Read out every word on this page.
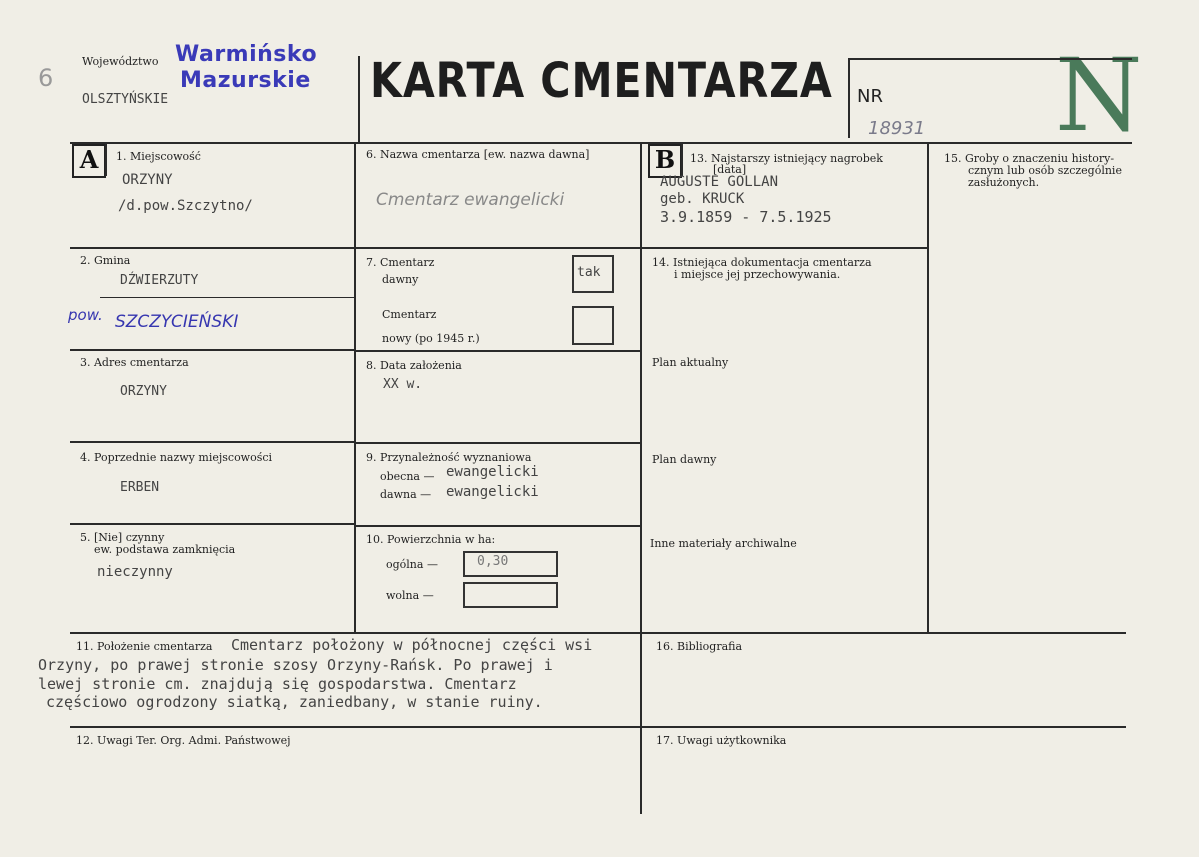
6
Województwo Warmińsko
Mazurskie
OLSZTYŃSKIE	KARTA CMENTARZA NR
18931 N
A	1. Miejscowość
ORZYNY
/d.pow.Szczytno/
2. Gmina
DŹWIERZUTY
pow. SZCZYCIEŃSKI
3. Adres cmentarza
ORZYNY
4. Poprzednie nazwy miejscowości
ERBEN
5. [Nie] czynny
ew. podstawa zamknięcia
nieczynny
6. Nazwa cmentarza [ew. nazwa dawna]
Cmentarz ewangelicki
7. Cmentarz
dawny	tak
Cmentarz
nowy (po 1945 r.)
8. Data założenia
XX w.
9. Przynależność wyznaniowa
obecna — ewangelicki
dawna — ewangelicki
10. Powierzchnia w ha:
ogólna —	0,30
wolna —
B	13. Najstarszy istniejący nagrobek
[data]
AUGUSTE GOLLAN
geb. KRUCK
3.9.1859 - 7.5.1925
14. Istniejąca dokumentacja cmentarza
i miejsce jej przechowywania.
Plan aktualny
Plan dawny
Inne materiały archiwalne
15. Groby o znaczeniu history-
cznym lub osób szczególnie
zasłużonych.
11. Położenie cmentarza Cmentarz położony w północnej części wsi
Orzyny, po prawej stronie szosy Orzyny-Rańsk. Po prawej i
lewej stronie cm. znajdują się gospodarstwa. Cmentarz
częściowo ogrodzony siatką, zaniedbany, w stanie ruiny.
16. Bibliografia
12. Uwagi Ter. Org. Admi. Państwowej	17. Uwagi użytkownika
